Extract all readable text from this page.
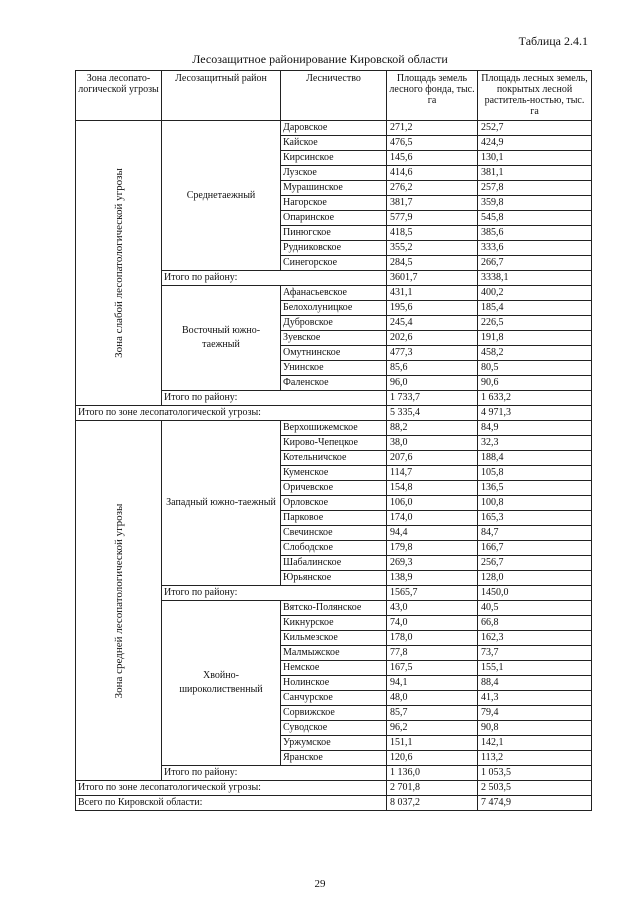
Таблица 2.4.1
Лесозащитное районирование Кировской области
Зона лесопато-логической угрозы	Лесозащитный район	Лесничество	Площадь земель лесного фонда, тыс. га	Площадь лесных земель, покрытых лесной раститель-ностью, тыс. га

Зона слабой лесопатологической угрозы	Среднетаежный	Даровское	271,2	252,7
		Кайское	476,5	424,9
		Кирсинское	145,6	130,1
		Лузское	414,6	381,1
		Мурашинское	276,2	257,8
		Нагорское	381,7	359,8
		Опаринское	577,9	545,8
		Пинюгское	418,5	385,6
		Рудниковское	355,2	333,6
		Синегорское	284,5	266,7
	Итого по району:		3601,7	3338,1
	Восточный южно-таежный	Афанасьевское	431,1	400,2
		Белохолуницкое	195,6	185,4
		Дубровское	245,4	226,5
		Зуевское	202,6	191,8
		Омутнинское	477,3	458,2
		Унинское	85,6	80,5
		Фаленское	96,0	90,6
	Итого по району:		1 733,7	1 633,2
Итого по зоне лесопатологической угрозы:			5 335,4	4 971,3

Зона средней лесопатологической угрозы	Западный южно-таежный	Верхошижемское	88,2	84,9
		Кирово-Чепецкое	38,0	32,3
		Котельничское	207,6	188,4
		Куменское	114,7	105,8
		Оричевское	154,8	136,5
		Орловское	106,0	100,8
		Парковое	174,0	165,3
		Свечинское	94,4	84,7
		Слободское	179,8	166,7
		Шабалинское	269,3	256,7
		Юрьянское	138,9	128,0
	Итого по району:		1565,7	1450,0
	Хвойно-широколиственный	Вятско-Полянское	43,0	40,5
		Кикнурское	74,0	66,8
		Кильмезское	178,0	162,3
		Малмыжское	77,8	73,7
		Немское	167,5	155,1
		Нолинское	94,1	88,4
		Санчурское	48,0	41,3
		Сорвижское	85,7	79,4
		Суводское	96,2	90,8
		Уржумское	151,1	142,1
		Яранское	120,6	113,2
	Итого по району:		1 136,0	1 053,5
Итого по зоне лесопатологической угрозы:			2 701,8	2 503,5
Всего по Кировской области:			8 037,2	7 474,9
29
